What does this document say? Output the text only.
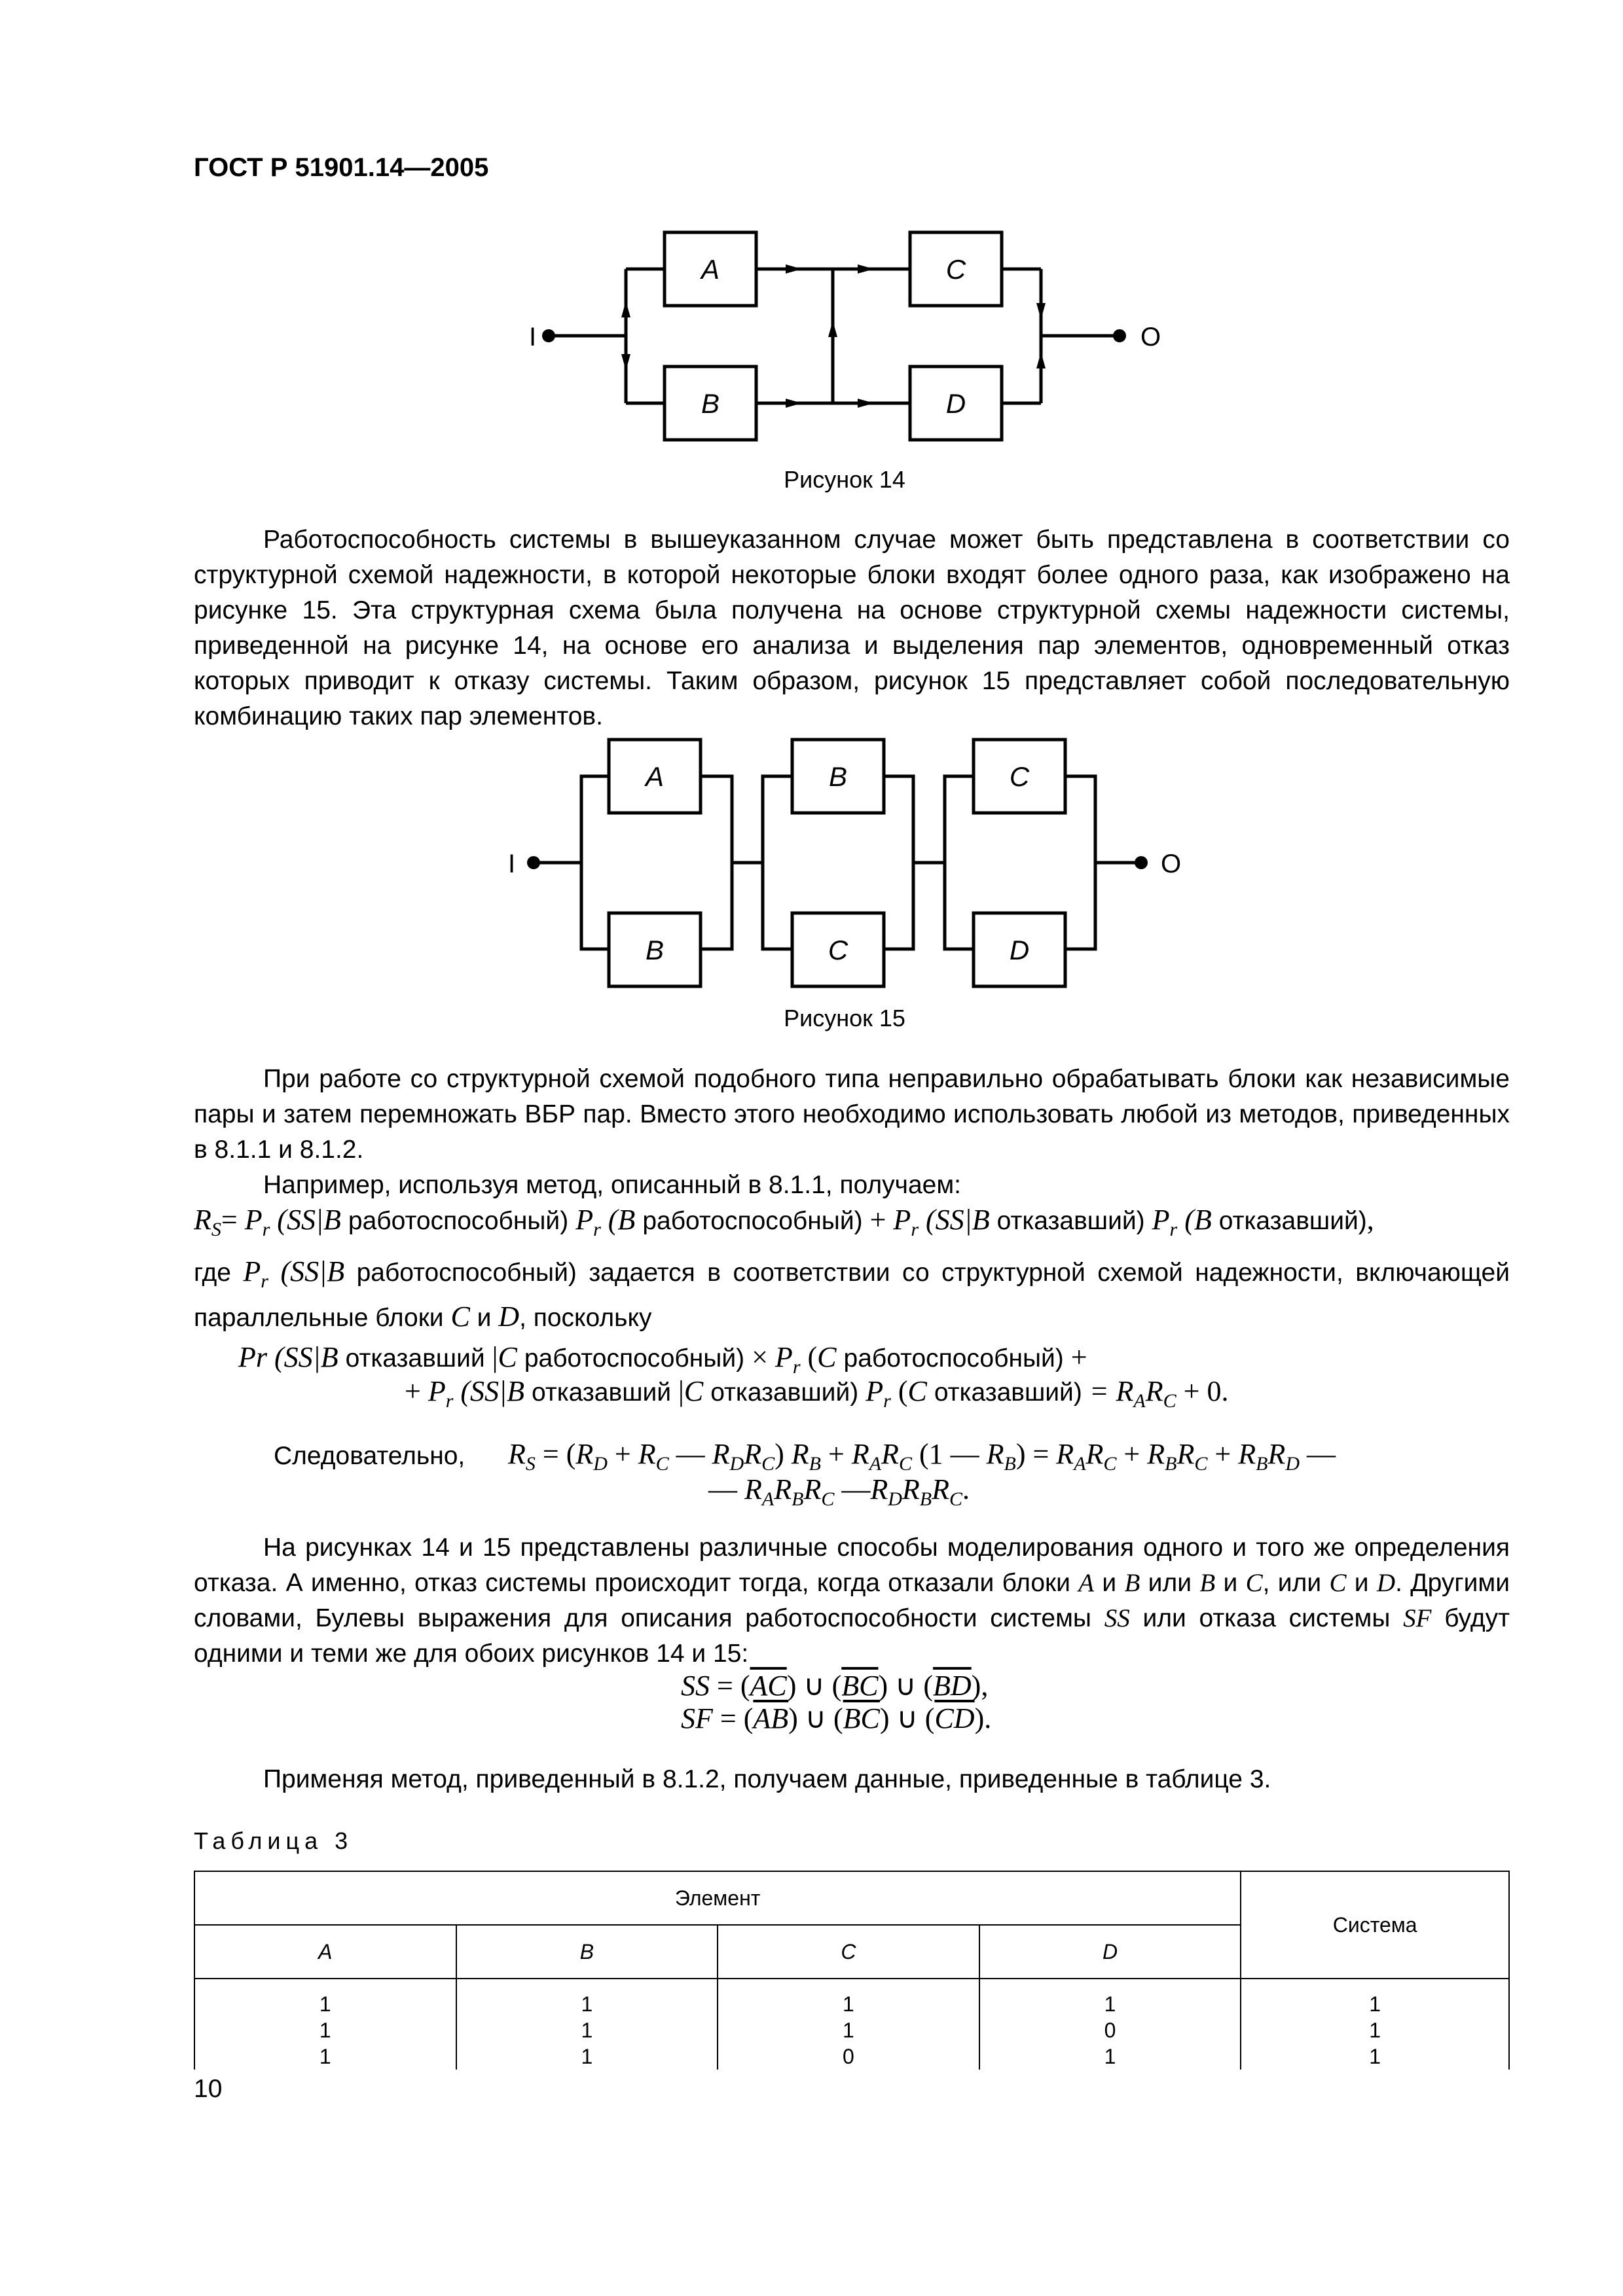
ГОСТ Р 51901.14—2005
A
B
C
D
I	O
Рисунок 14
Работоспособность системы в вышеуказанном случае может быть представлена в соответствии со структурной схемой надежности, в которой некоторые блоки входят более одного раза, как изображено на рисунке 15. Эта структурная схема была получена на основе структурной схемы надежности системы, приведенной на рисунке 14, на основе его анализа и выделения пар элементов, одновременный отказ которых приводит к отказу системы. Таким образом, рисунок 15 представляет собой последовательную комбинацию таких пар элементов.
A
B
B
C
C
D
I	O
Рисунок 15
При работе со структурной схемой подобного типа неправильно обрабатывать блоки как независимые пары и затем перемножать ВБР пар. Вместо этого необходимо использовать любой из методов, приведенных в 8.1.1 и 8.1.2.
Например, используя метод, описанный в 8.1.1, получаем:
$R_S= P_r$ (SS|B работоспособный) $P_r$ (B работоспособный) + $P_r$ (SS|B отказавший) $P_r$ (B отказавший),
где $P_r$ (SS|B работоспособный) задается в соответствии со структурной схемой надежности, включающей параллельные блоки C и D, поскольку
Pr (SS|B отказавший |C работоспособный) × $P_r$ (C работоспособный) +
+ $P_r$ (SS|B отказавший |C отказавший) $P_r$ (C отказавший) = $R_AR_C + 0$.
Следовательно, $R_S = (R_D + R_C$ — $R_DR_C$) $R_B + R_AR_C$ (1 — $R_B) = R_AR_C + R_BR_C + R_BR_D$ —
— $R_AR_BR_C$ $—R_DR_BR_C$.
На рисунках 14 и 15 представлены различные способы моделирования одного и того же определения отказа. А именно, отказ системы происходит тогда, когда отказали блоки A и B или B и C, или C и D. Другими словами, Булевы выражения для описания работоспособности системы SS или отказа системы SF будут одними и теми же для обоих рисунков 14 и 15:
SS = $(\overline{AC})$ ∪ $(\overline{BC})$ ∪ $(\overline{BD})$,
SF = $(\overline{AB})$ ∪ $(\overline{BC})$ ∪ $(\overline{CD})$.
Применяя метод, приведенный в 8.1.2, получаем данные, приведенные в таблице 3.
Таблица 3
Элемент				Система
A	B	C	D	
1	1	1	1	1
1	1	1	0	1
1	1	0	1	1
10
